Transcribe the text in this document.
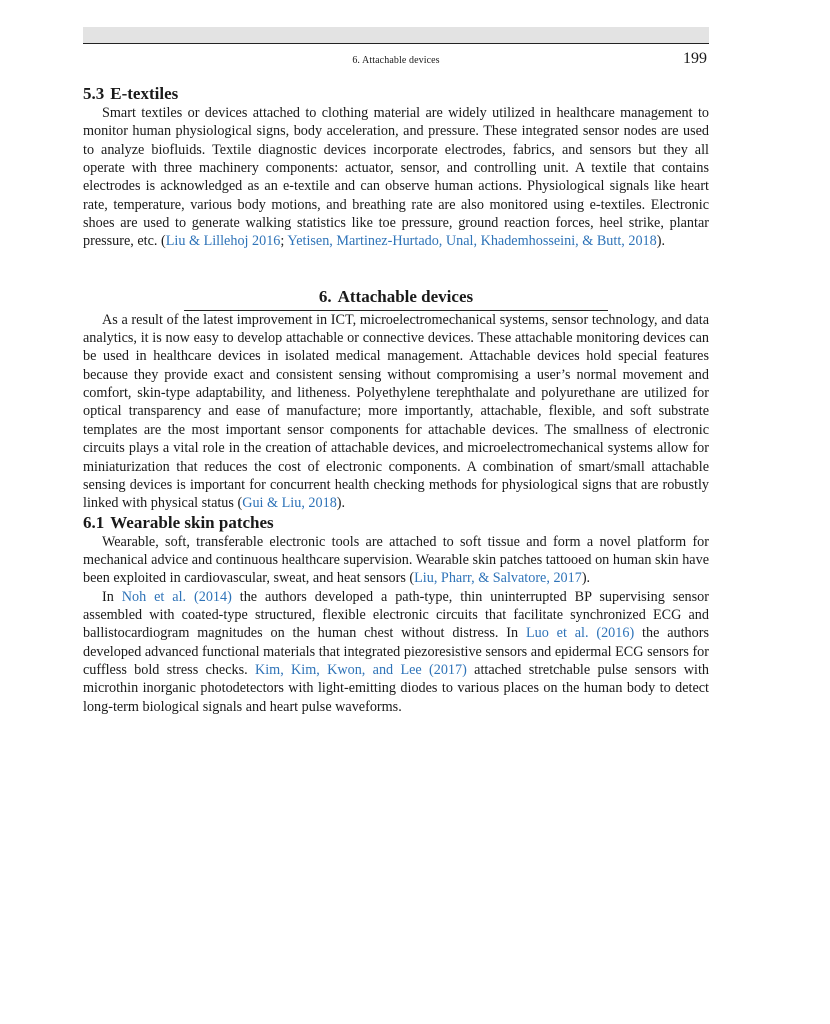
6. Attachable devices	199
5.3 E-textiles

Smart textiles or devices attached to clothing material are widely utilized in healthcare management to monitor human physiological signs, body acceleration, and pressure. These integrated sensor nodes are used to analyze biofluids. Textile diagnostic devices incorporate electrodes, fabrics, and sensors but they all operate with three machinery components: actuator, sensor, and controlling unit. A textile that contains electrodes is acknowledged as an e-textile and can observe human actions. Physiological signals like heart rate, temperature, various body motions, and breathing rate are also monitored using e-textiles. Electronic shoes are used to generate walking statistics like toe pressure, ground reaction forces, heel strike, plantar pressure, etc. (Liu & Lillehoj 2016; Yetisen, Martinez-Hurtado, Unal, Khademhosseini, & Butt, 2018).

6. Attachable devices

As a result of the latest improvement in ICT, microelectromechanical systems, sensor technology, and data analytics, it is now easy to develop attachable or connective devices. These attachable monitoring devices can be used in healthcare devices in isolated medical management. Attachable devices hold special features because they provide exact and consistent sensing without compromising a user’s normal movement and comfort, skin-type adaptability, and litheness. Polyethylene terephthalate and polyurethane are utilized for optical transparency and ease of manufacture; more importantly, attachable, flexible, and soft substrate templates are the most important sensor components for attachable devices. The smallness of electronic circuits plays a vital role in the creation of attachable devices, and microelectromechanical systems allow for miniaturization that reduces the cost of electronic components. A combination of smart/small attachable sensing devices is important for concurrent health checking methods for physiological signs that are robustly linked with physical status (Gui & Liu, 2018).

6.1 Wearable skin patches

Wearable, soft, transferable electronic tools are attached to soft tissue and form a novel platform for mechanical advice and continuous healthcare supervision. Wearable skin patches tattooed on human skin have been exploited in cardiovascular, sweat, and heat sensors (Liu, Pharr, & Salvatore, 2017).

In Noh et al. (2014) the authors developed a path-type, thin uninterrupted BP supervising sensor assembled with coated-type structured, flexible electronic circuits that facilitate synchronized ECG and ballistocardiogram magnitudes on the human chest without distress. In Luo et al. (2016) the authors developed advanced functional materials that integrated piezoresistive sensors and epidermal ECG sensors for cuffless bold stress checks. Kim, Kim, Kwon, and Lee (2017) attached stretchable pulse sensors with microthin inorganic photodetectors with light-emitting diodes to various places on the human body to detect long-term biological signals and heart pulse waveforms.
